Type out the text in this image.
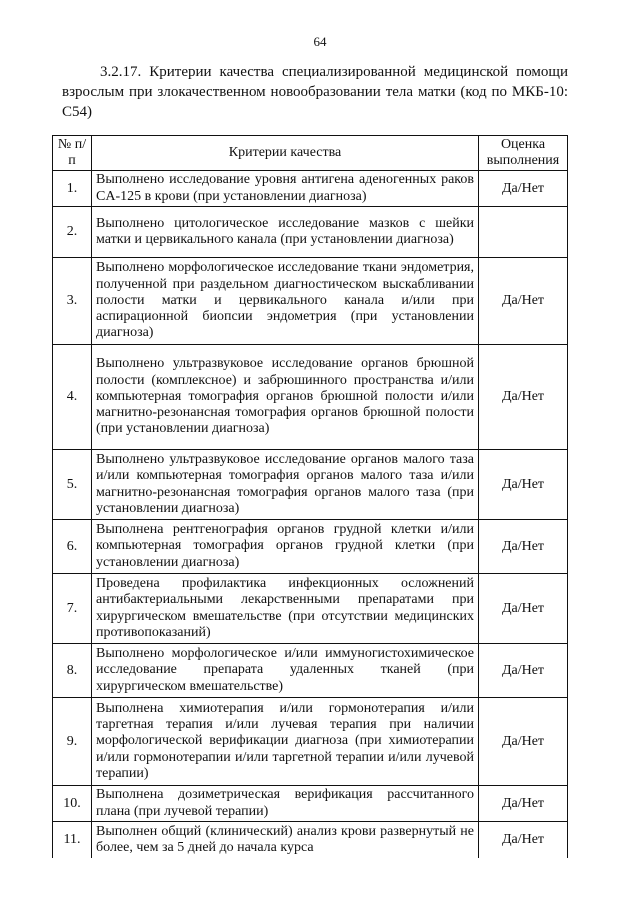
64
3.2.17. Критерии качества специализированной медицинской помощи взрослым при злокачественном новообразовании тела матки (код по МКБ-10: C54)
№ п/п	Критерии качества	Оценка выполнения
1.	Выполнено исследование уровня антигена аденогенных раков CA-125 в крови (при установлении диагноза)	Да/Нет
2.	Выполнено цитологическое исследование мазков с шейки матки и цервикального канала (при установлении диагноза)	
3.	Выполнено морфологическое исследование ткани эндометрия, полученной при раздельном диагностическом выскабливании полости матки и цервикального канала и/или при аспирационной биопсии эндометрия (при установлении диагноза)	Да/Нет
4.	Выполнено ультразвуковое исследование органов брюшной полости (комплексное) и забрюшинного пространства и/или компьютерная томография органов брюшной полости и/или магнитно-резонансная томография органов брюшной полости (при установлении диагноза)	Да/Нет
5.	Выполнено ультразвуковое исследование органов малого таза и/или компьютерная томография органов малого таза и/или магнитно-резонансная томография органов малого таза (при установлении диагноза)	Да/Нет
6.	Выполнена рентгенография органов грудной клетки и/или компьютерная томография органов грудной клетки (при установлении диагноза)	Да/Нет
7.	Проведена профилактика инфекционных осложнений антибактериальными лекарственными препаратами при хирургическом вмешательстве (при отсутствии медицинских противопоказаний)	Да/Нет
8.	Выполнено морфологическое и/или иммуногистохимическое исследование препарата удаленных тканей (при хирургическом вмешательстве)	Да/Нет
9.	Выполнена химиотерапия и/или гормонотерапия и/или таргетная терапия и/или лучевая терапия при наличии морфологической верификации диагноза (при химиотерапии и/или гормонотерапии и/или таргетной терапии и/или лучевой терапии)	Да/Нет
10.	Выполнена дозиметрическая верификация рассчитанного плана (при лучевой терапии)	Да/Нет
11.	Выполнен общий (клинический) анализ крови развернутый не более, чем за 5 дней до начала курса	Да/Нет
